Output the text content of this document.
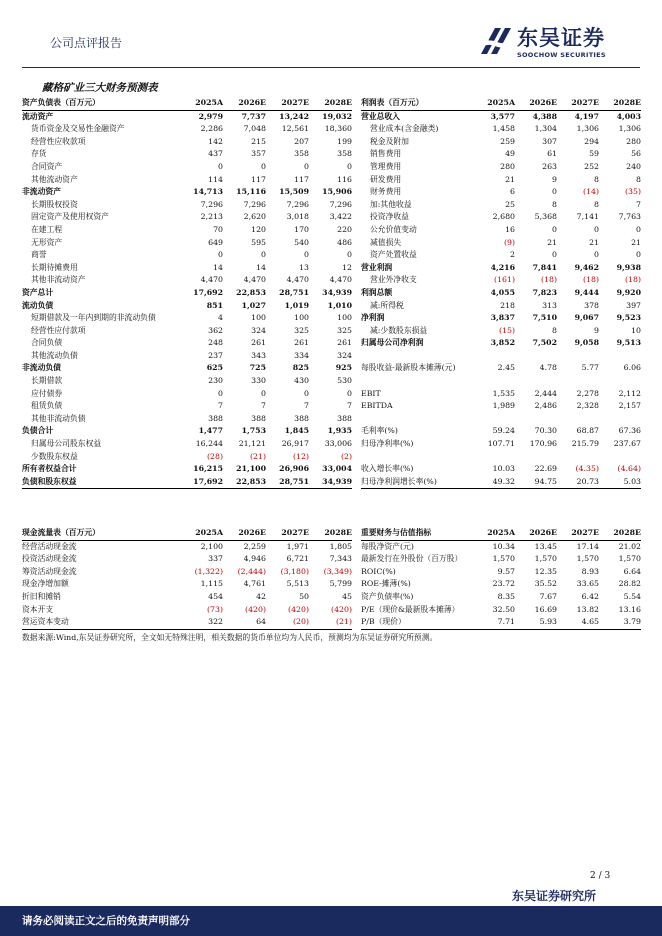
公司点评报告	东吴证券
SOOCHOW SECURITIES
藏格矿业三大财务预测表
资产负债表（百万元）	2025A	2026E	2027E	2028E
流动资产	2,979	7,737	13,242	19,032
货币资金及交易性金融资产	2,286	7,048	12,561	18,360
经营性应收款项	142	215	207	199
存货	437	357	358	358
合同资产	0	0	0	0
其他流动资产	114	117	117	116
非流动资产	14,713	15,116	15,509	15,906
长期股权投资	7,296	7,296	7,296	7,296
固定资产及使用权资产	2,213	2,620	3,018	3,422
在建工程	70	120	170	220
无形资产	649	595	540	486
商誉	0	0	0	0
长期待摊费用	14	14	13	12
其他非流动资产	4,470	4,470	4,470	4,470
资产总计	17,692	22,853	28,751	34,939
流动负债	851	1,027	1,019	1,010
短期借款及一年内到期的非流动负债	4	100	100	100
经营性应付款项	362	324	325	325
合同负债	248	261	261	261
其他流动负债	237	343	334	324
非流动负债	625	725	825	925
长期借款	230	330	430	530
应付债券	0	0	0	0
租赁负债	7	7	7	7
其他非流动负债	388	388	388	388
负债合计	1,477	1,753	1,845	1,935
归属母公司股东权益	16,244	21,121	26,917	33,006
少数股东权益	(28)	(21)	(12)	(2)
所有者权益合计	16,215	21,100	26,906	33,004
负债和股东权益	17,692	22,853	28,751	34,939
利润表（百万元）	2025A	2026E	2027E	2028E
营业总收入	3,577	4,388	4,197	4,003
营业成本(含金融类)	1,458	1,304	1,306	1,306
税金及附加	259	307	294	280
销售费用	49	61	59	56
管理费用	280	263	252	240
研发费用	21	9	8	8
财务费用	6	0	(14)	(35)
加:其他收益	25	8	8	7
投资净收益	2,680	5,368	7,141	7,763
公允价值变动	16	0	0	0
减值损失	(9)	21	21	21
资产处置收益	2	0	0	0
营业利润	4,216	7,841	9,462	9,938
营业外净收支	(161)	(18)	(18)	(18)
利润总额	4,055	7,823	9,444	9,920
减:所得税	218	313	378	397
净利润	3,837	7,510	9,067	9,523
减:少数股东损益	(15)	8	9	10
归属母公司净利润	3,852	7,502	9,058	9,513

每股收益-最新股本摊薄(元)	2.45	4.78	5.77	6.06

EBIT	1,535	2,444	2,278	2,112
EBITDA	1,989	2,486	2,328	2,157

毛利率(%)	59.24	70.30	68.87	67.36
归母净利率(%)	107.71	170.96	215.79	237.67

收入增长率(%)	10.03	22.69	(4.35)	(4.64)
归母净利润增长率(%)	49.32	94.75	20.73	5.03
现金流量表（百万元）	2025A	2026E	2027E	2028E
经营活动现金流	2,100	2,259	1,971	1,805
投资活动现金流	337	4,946	6,721	7,343
筹资活动现金流	(1,322)	(2,444)	(3,180)	(3,349)
现金净增加额	1,115	4,761	5,513	5,799
折旧和摊销	454	42	50	45
资本开支	(73)	(420)	(420)	(420)
营运资本变动	322	64	(20)	(21)
重要财务与估值指标	2025A	2026E	2027E	2028E
每股净资产(元)	10.34	13.45	17.14	21.02
最新发行在外股份（百万股）	1,570	1,570	1,570	1,570
ROIC(%)	9.57	12.35	8.93	6.64
ROE-摊薄(%)	23.72	35.52	33.65	28.82
资产负债率(%)	8.35	7.67	6.42	5.54
P/E（现价&最新股本摊薄）	32.50	16.69	13.82	13.16
P/B（现价）	7.71	5.93	4.65	3.79
数据来源:Wind,东吴证券研究所，全文如无特殊注明，相关数据的货币单位均为人民币，预测均为东吴证券研究所预测。
2 / 3
东吴证券研究所
请务必阅读正文之后的免责声明部分
